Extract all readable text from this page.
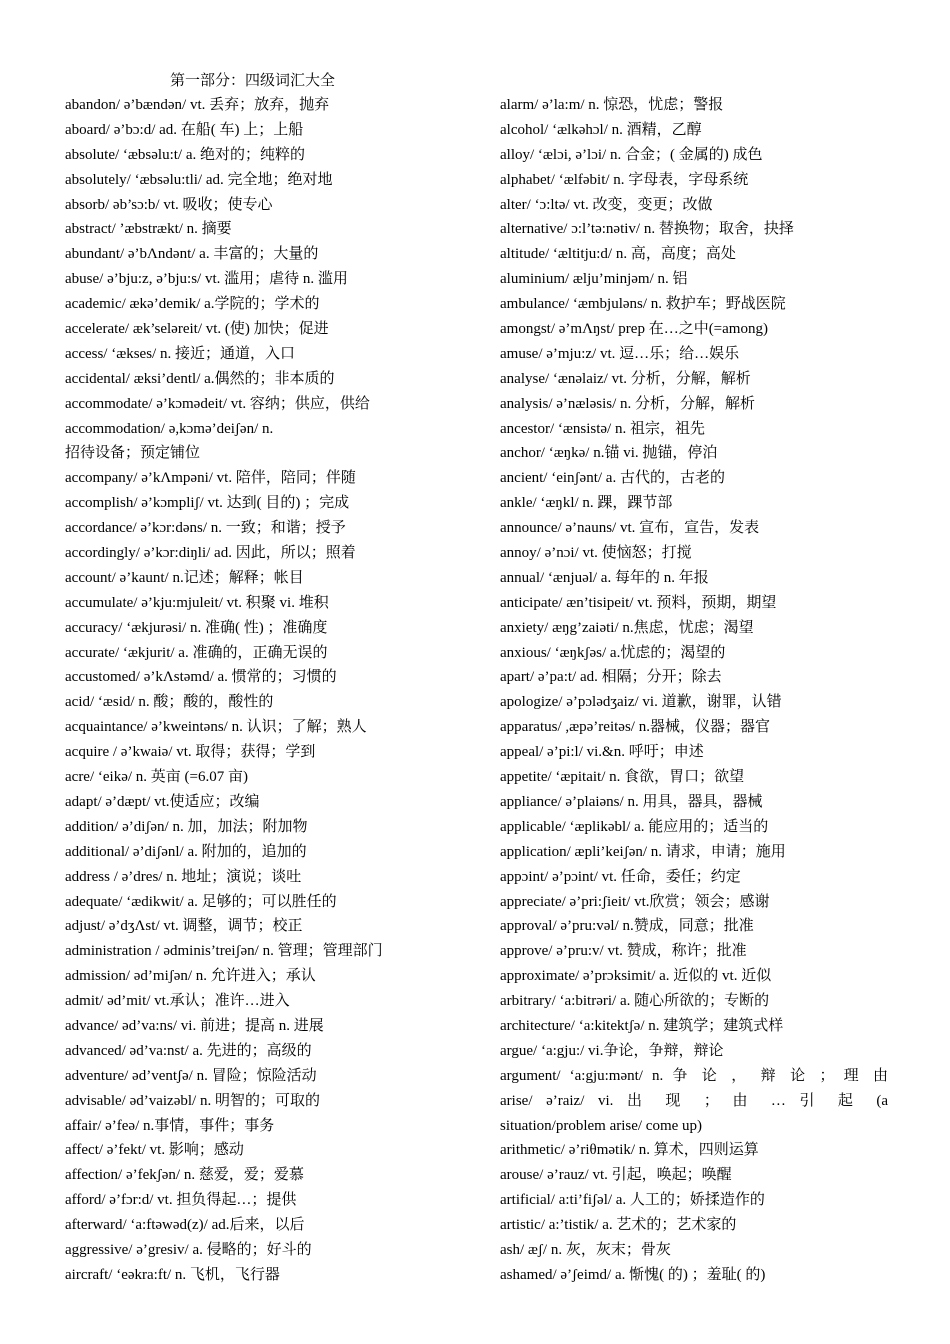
第一部分：四级词汇大全
abandon/ ə’bændən/ vt. 丢弃；放弃，抛弃
aboard/ ə’bɔ:d/ ad. 在船( 车) 上；上船
absolute/ ‘æbsəlu:t/ a. 绝对的；纯粹的
absolutely/ ‘æbsəlu:tli/ ad. 完全地；绝对地
absorb/ əb’sɔ:b/ vt. 吸收；使专心
abstract/ ’æbstrækt/ n. 摘要
abundant/ ə’bΛndənt/ a. 丰富的；大量的
abuse/ ə’bju:z, ə’bju:s/ vt. 滥用；虐待 n. 滥用
academic/ ækə’demik/ a.学院的；学术的
accelerate/ æk’seləreit/ vt. (使) 加快；促进
access/ ‘ækses/ n. 接近；通道，入口
accidental/ æksi’dentl/ a.偶然的；非本质的
accommodate/ ə’kɔmədeit/ vt. 容纳；供应，供给
accommodation/ ə,kɔmə’deiʃən/ n.
招待设备；预定铺位
accompany/ ə’kΛmpəni/ vt. 陪伴，陪同；伴随
accomplish/ ə’kɔmpliʃ/ vt. 达到( 目的) ；完成
accordance/ ə’kɔr:dəns/ n. 一致；和谐；授予
accordingly/ ə’kɔr:diŋli/ ad. 因此，所以；照着
account/ ə’kaunt/ n.记述；解释；帐目
accumulate/ ə’kju:mjuleit/ vt. 积聚 vi. 堆积
accuracy/ ‘ækjurəsi/ n. 准确( 性) ；准确度
accurate/ ‘ækjurit/ a. 准确的，正确无误的
accustomed/ ə’kΛstəmd/ a. 惯常的；习惯的
acid/ ‘æsid/ n. 酸；酸的，酸性的
acquaintance/ ə’kweintəns/ n. 认识；了解；熟人
acquire / ə’kwaiə/ vt. 取得；获得；学到
acre/ ‘eikə/ n. 英亩 (=6.07 亩)
adapt/ ə’dæpt/ vt.使适应；改编
addition/ ə’diʃən/ n. 加，加法；附加物
additional/ ə’diʃənl/ a. 附加的，追加的
address / ə’dres/ n. 地址；演说；谈吐
adequate/ ‘ædikwit/ a. 足够的；可以胜任的
adjust/ ə’dʒΛst/ vt. 调整，调节；校正
administration / ədminis’treiʃən/ n. 管理；管理部门
admission/ əd’miʃən/ n. 允许进入；承认
admit/ əd’mit/ vt.承认；准许…进入
advance/ əd’va:ns/ vi. 前进；提高 n. 进展
advanced/ əd’va:nst/ a. 先进的；高级的
adventure/ əd’ventʃə/ n. 冒险；惊险活动
advisable/ əd’vaizəbl/ n. 明智的；可取的
affair/ ə’feə/ n.事情，事件；事务
affect/ ə’fekt/ vt. 影响；感动
affection/ ə’fekʃən/ n. 慈爱，爱；爱慕
afford/ ə’fɔr:d/ vt. 担负得起…；提供
afterward/ ‘a:ftəwəd(z)/ ad.后来，以后
aggressive/ ə’gresiv/ a. 侵略的；好斗的
aircraft/ ‘eəkra:ft/ n. 飞机，飞行器
alarm/ ə’la:m/ n. 惊恐，忧虑；警报
alcohol/ ‘ælkəhɔl/ n. 酒精，乙醇
alloy/ ‘ælɔi, ə’lɔi/ n. 合金；( 金属的) 成色
alphabet/ ‘ælfəbit/ n. 字母表，字母系统
alter/ ‘ɔ:ltə/ vt. 改变，变更；改做
alternative/ ɔ:l’tə:nətiv/ n. 替换物；取舍，抉择
altitude/ ‘æltitju:d/ n. 高，高度；高处
aluminium/ ælju’minjəm/ n. 铝
ambulance/ ‘æmbjuləns/ n. 救护车；野战医院
amongst/ ə’mΛŋst/ prep 在…之中(=among)
amuse/ ə’mju:z/ vt. 逗…乐；给…娱乐
analyse/ ‘ænəlaiz/ vt. 分析，分解，解析
analysis/ ə’næləsis/ n. 分析，分解，解析
ancestor/ ‘ænsistə/ n. 祖宗，祖先
anchor/ ‘æŋkə/ n.锚 vi. 抛锚，停泊
ancient/ ‘einʃənt/ a. 古代的，古老的
ankle/ ‘æŋkl/ n. 踝，踝节部
announce/ ə’nauns/ vt. 宣布，宣告，发表
annoy/ ə’nɔi/ vt. 使恼怒；打搅
annual/ ‘ænjuəl/ a. 每年的 n. 年报
anticipate/ æn’tisipeit/ vt. 预料，预期，期望
anxiety/ æŋg’zaiəti/ n.焦虑，忧虑；渴望
anxious/ ‘æŋkʃəs/ a.忧虑的；渴望的
apart/ ə’pa:t/ ad. 相隔；分开；除去
apologize/ ə’pɔlədʒaiz/ vi. 道歉，谢罪，认错
apparatus/ ,æpə’reitəs/ n.器械，仪器；器官
appeal/ ə’pi:l/ vi.&n. 呼吁；申述
appetite/ ‘æpitait/ n. 食欲，胃口；欲望
appliance/ ə’plaiəns/ n. 用具，器具，器械
applicable/ ‘æplikəbl/ a. 能应用的；适当的
application/ æpli’keiʃən/ n. 请求，申请；施用
appɔint/ ə’pɔint/ vt. 任命，委任；约定
appreciate/ ə’pri:ʃieit/ vt.欣赏；领会；感谢
approval/ ə’pru:vəl/ n.赞成，同意；批准
approve/ ə’pru:v/ vt. 赞成，称许；批准
approximate/ ə’prɔksimit/ a. 近似的 vt. 近似
arbitrary/ ‘a:bitrəri/ a. 随心所欲的；专断的
architecture/ ‘a:kitektʃə/ n. 建筑学；建筑式样
argue/ ‘a:gju:/ vi.争论，争辩，辩论
argument/ ‘a:gju:mənt/ n. 争 论 ， 辩 论 ； 理 由
arise/ ə’raiz/ vi. 出 现 ； 由 … 引 起 (a
situation/problem arise/ come up)
arithmetic/ ə’riθmətik/ n. 算术，四则运算
arouse/ ə’rauz/ vt. 引起，唤起；唤醒
artificial/ a:ti’fiʃəl/ a. 人工的；娇揉造作的
artistic/ a:’tistik/ a. 艺术的；艺术家的
ash/ æʃ/ n. 灰，灰末；骨灰
ashamed/ ə’ʃeimd/ a. 惭愧( 的) ；羞耻( 的)
